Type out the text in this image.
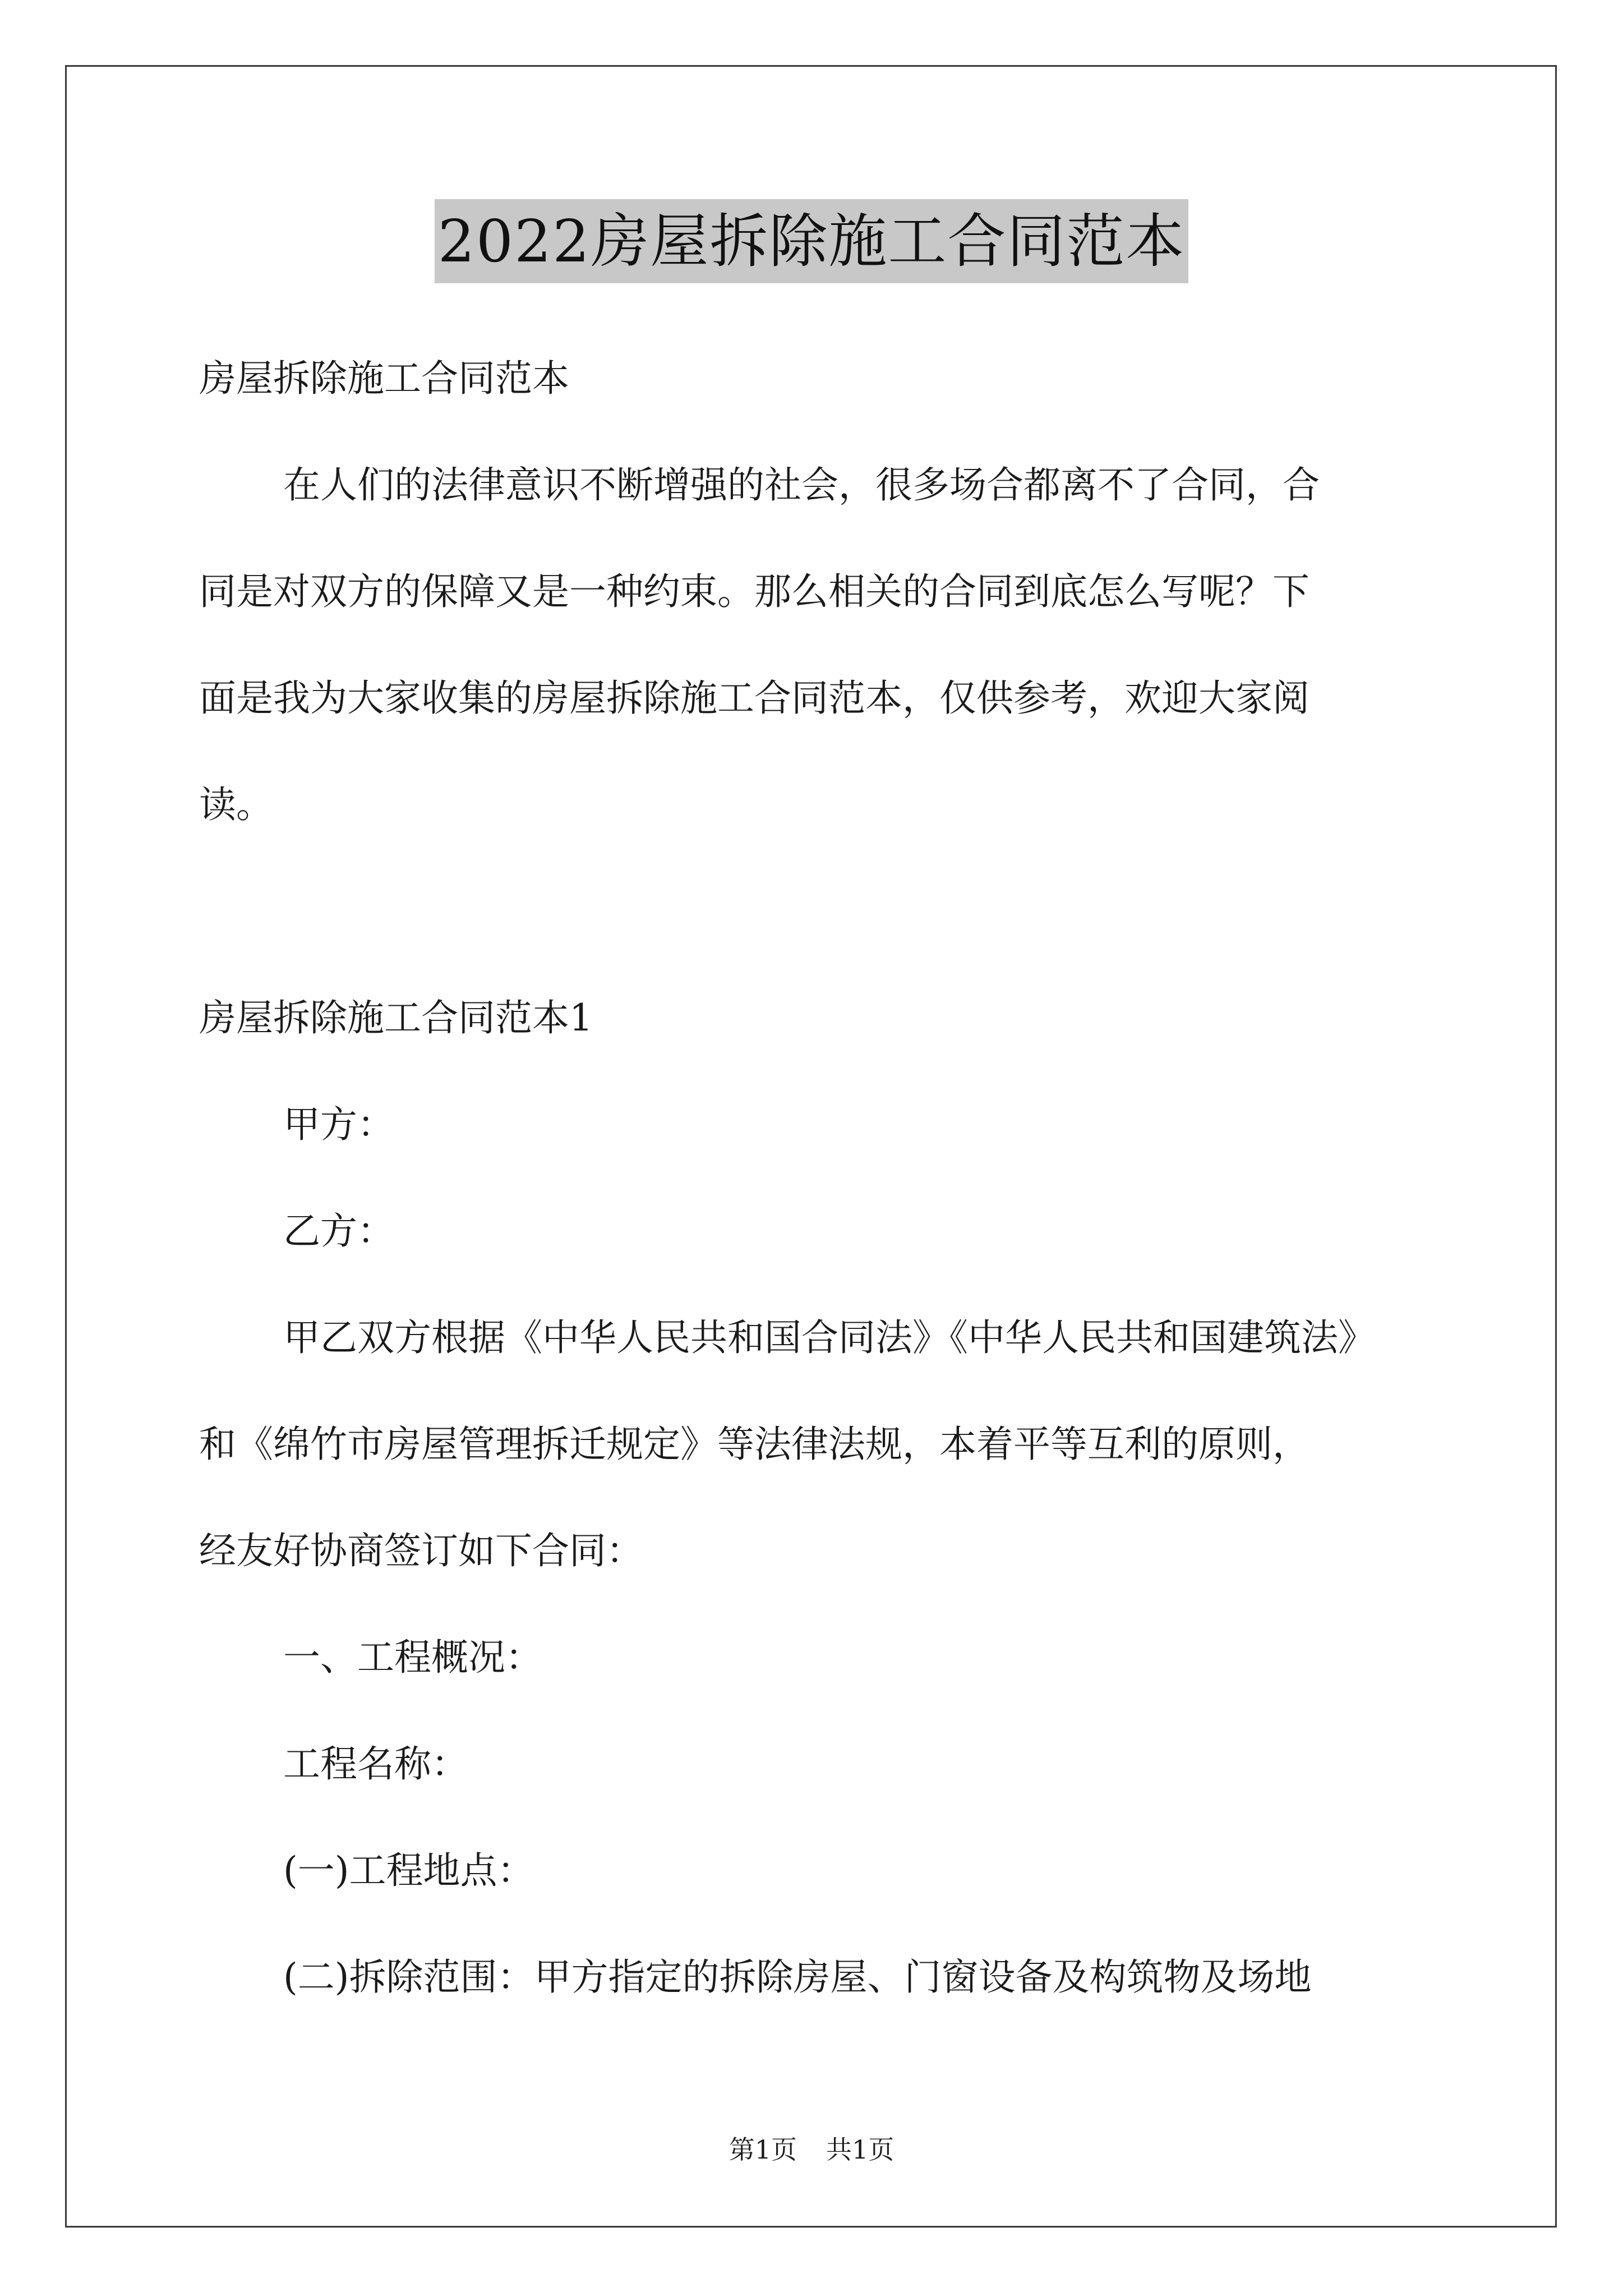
2022房屋拆除施工合同范本
房屋拆除施工合同范本
在人们的法律意识不断增强的社会，很多场合都离不了合同，合
同是对双方的保障又是一种约束。那么相关的合同到底怎么写呢？下
面是我为大家收集的房屋拆除施工合同范本，仅供参考，欢迎大家阅
读。
房屋拆除施工合同范本1
甲方：
乙方：
甲乙双方根据《中华人民共和国合同法》《中华人民共和国建筑法》
和《绵竹市房屋管理拆迁规定》等法律法规，本着平等互利的原则，
经友好协商签订如下合同：
一、工程概况：
工程名称：
(一)工程地点：
(二)拆除范围：甲方指定的拆除房屋、门窗设备及构筑物及场地
第1页 共1页
